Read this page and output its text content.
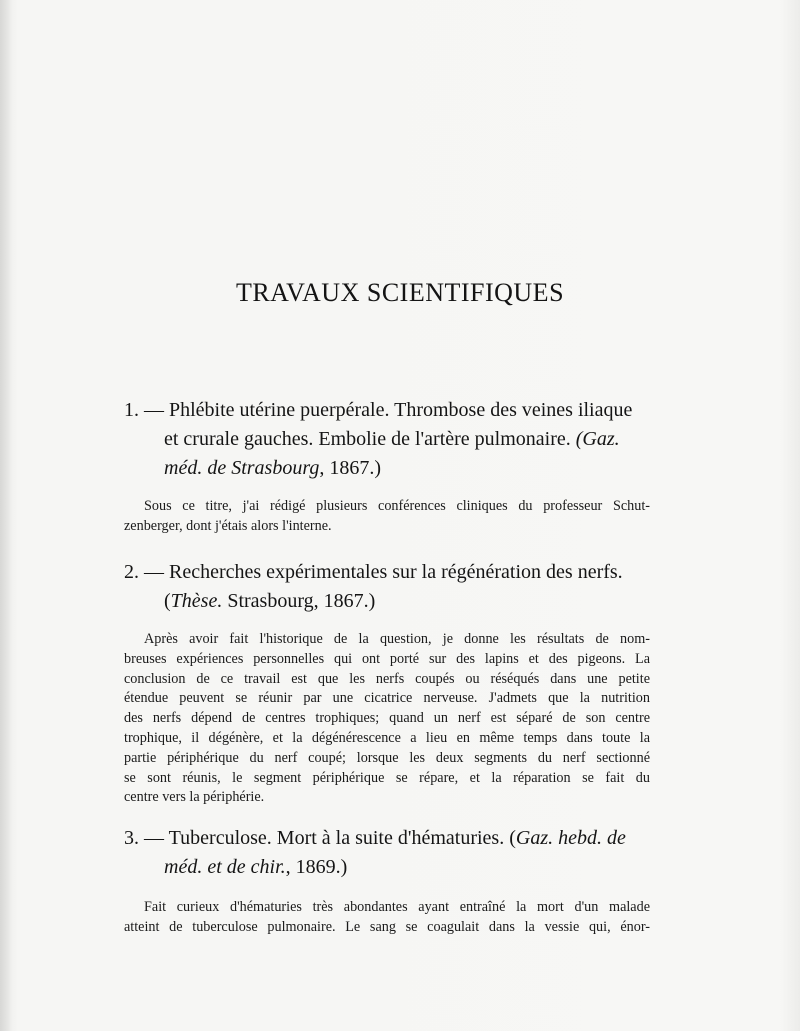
TRAVAUX SCIENTIFIQUES
1. — Phlébite utérine puerpérale. Thrombose des veines iliaque
et crurale gauches. Embolie de l'artère pulmonaire. (Gaz.
méd. de Strasbourg, 1867.)
Sous ce titre, j'ai rédigé plusieurs conférences cliniques du professeur Schut-
zenberger, dont j'étais alors l'interne.
2. — Recherches expérimentales sur la régénération des nerfs.
(Thèse. Strasbourg, 1867.)
Après avoir fait l'historique de la question, je donne les résultats de nom-
breuses expériences personnelles qui ont porté sur des lapins et des pigeons. La
conclusion de ce travail est que les nerfs coupés ou réséqués dans une petite
étendue peuvent se réunir par une cicatrice nerveuse. J'admets que la nutrition
des nerfs dépend de centres trophiques; quand un nerf est séparé de son centre
trophique, il dégénère, et la dégénérescence a lieu en même temps dans toute la
partie périphérique du nerf coupé; lorsque les deux segments du nerf sectionné
se sont réunis, le segment périphérique se répare, et la réparation se fait du
centre vers la périphérie.
3. — Tuberculose. Mort à la suite d'hématuries. (Gaz. hebd. de
méd. et de chir., 1869.)
Fait curieux d'hématuries très abondantes ayant entraîné la mort d'un malade
atteint de tuberculose pulmonaire. Le sang se coagulait dans la vessie qui, énor-
